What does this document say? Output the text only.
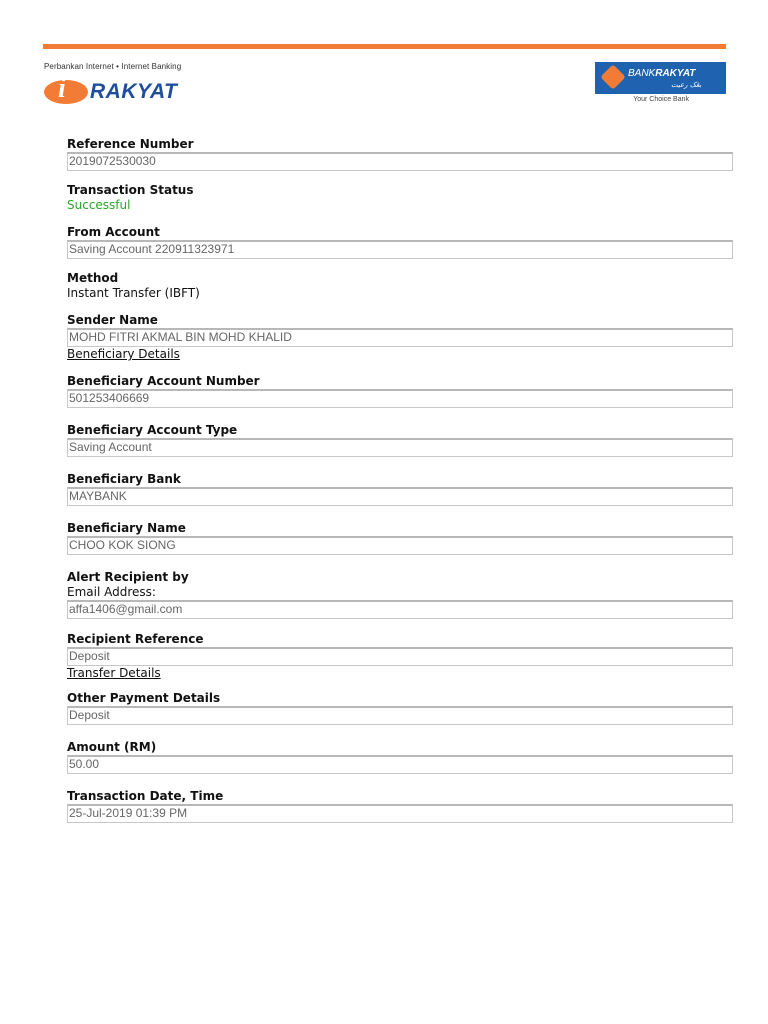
Perbankan Internet • Internet Banking
i RAKYAT
BANKRAKYAT
بڠک رعيت
Your Choice Bank
Reference Number
2019072530030
Transaction Status
Successful
From Account
Saving Account 220911323971
Method
Instant Transfer (IBFT)
Sender Name
MOHD FITRI AKMAL BIN MOHD KHALID
Beneficiary Details
Beneficiary Account Number
501253406669
Beneficiary Account Type
Saving Account
Beneficiary Bank
MAYBANK
Beneficiary Name
CHOO KOK SIONG
Alert Recipient by
Email Address:
affa1406@gmail.com
Recipient Reference
Deposit
Transfer Details
Other Payment Details
Deposit
Amount (RM)
50.00
Transaction Date, Time
25-Jul-2019 01:39 PM
